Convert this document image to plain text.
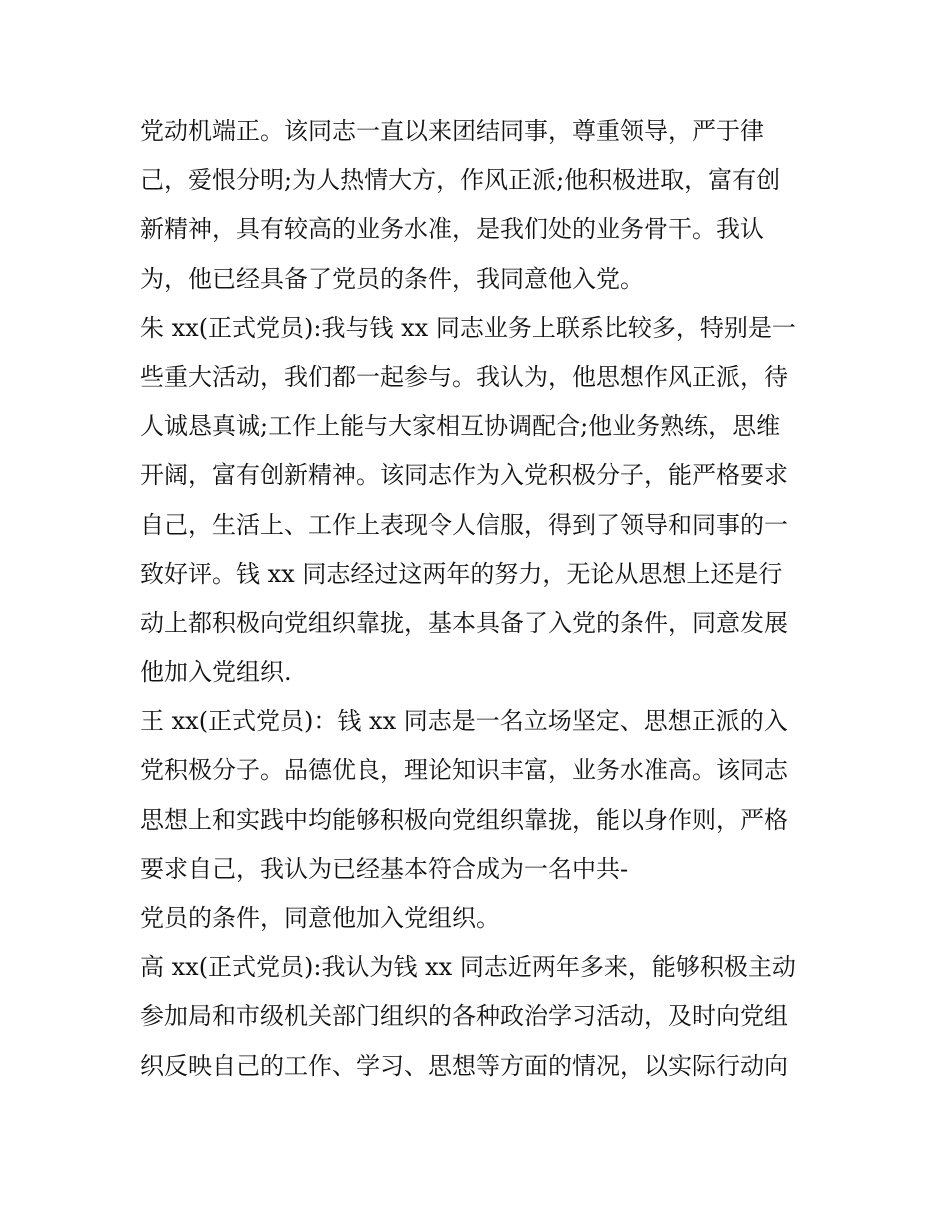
党动机端正。该同志一直以来团结同事，尊重领导，严于律
己，爱恨分明;为人热情大方，作风正派;他积极进取，富有创
新精神，具有较高的业务水准，是我们处的业务骨干。我认
为，他已经具备了党员的条件，我同意他入党。
朱 xx(正式党员):我与钱 xx 同志业务上联系比较多，特别是一
些重大活动，我们都一起参与。我认为，他思想作风正派，待
人诚恳真诚;工作上能与大家相互协调配合;他业务熟练，思维
开阔，富有创新精神。该同志作为入党积极分子，能严格要求
自己，生活上、工作上表现令人信服，得到了领导和同事的一
致好评。钱 xx 同志经过这两年的努力，无论从思想上还是行
动上都积极向党组织靠拢，基本具备了入党的条件，同意发展
他加入党组织.
王 xx(正式党员)：钱 xx 同志是一名立场坚定、思想正派的入
党积极分子。品德优良，理论知识丰富，业务水准高。该同志
思想上和实践中均能够积极向党组织靠拢，能以身作则，严格
要求自己，我认为已经基本符合成为一名中共-
党员的条件，同意他加入党组织。
高 xx(正式党员):我认为钱 xx 同志近两年多来，能够积极主动
参加局和市级机关部门组织的各种政治学习活动，及时向党组
织反映自己的工作、学习、思想等方面的情况，以实际行动向
